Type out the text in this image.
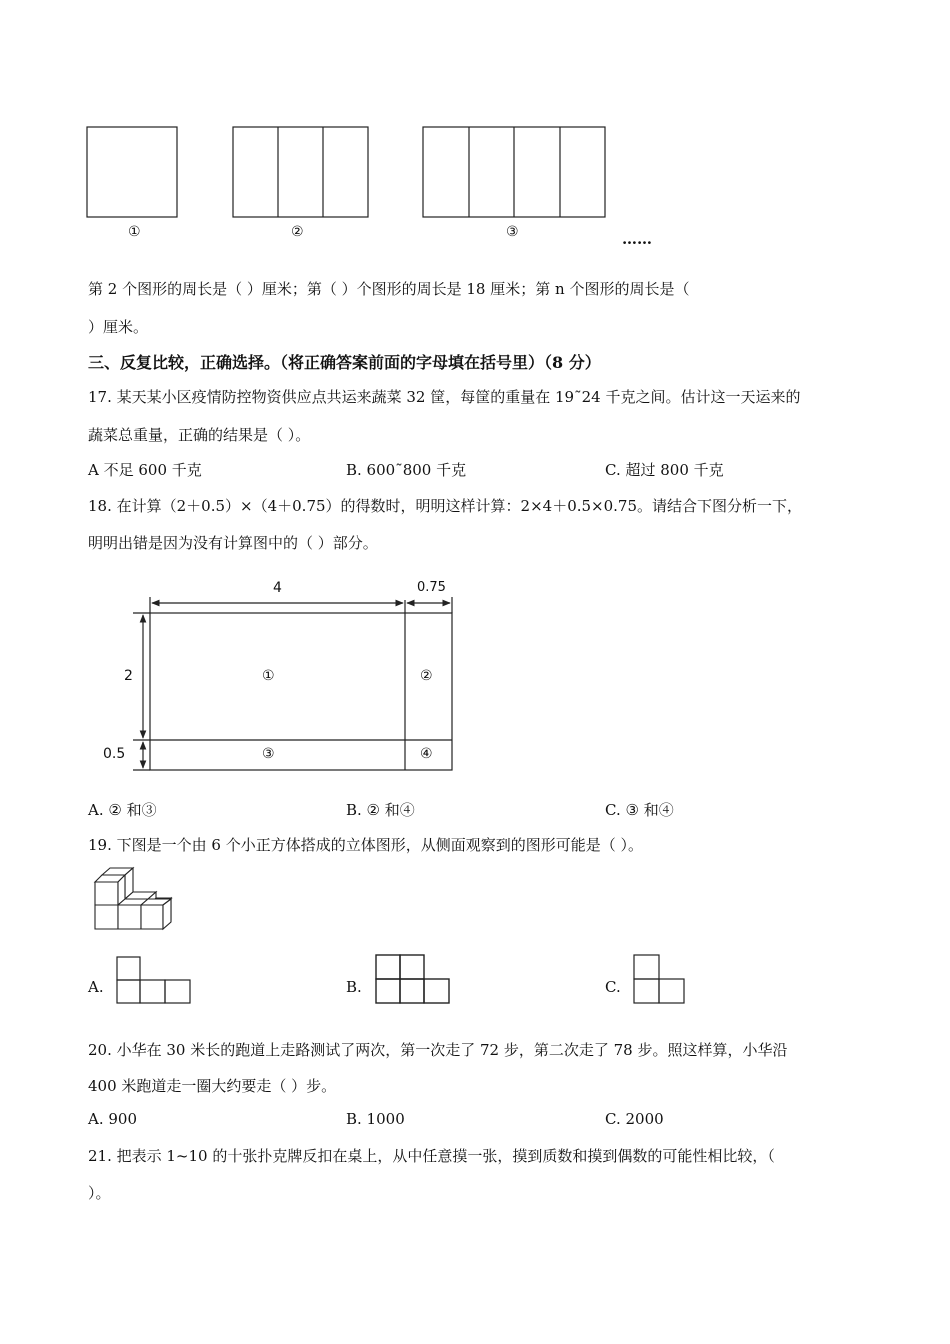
①	②	③	……
第 2 个图形的周长是（ ）厘米；第（ ）个图形的周长是 18 厘米；第 n 个图形的周长是（
）厘米。
三、反复比较，正确选择。（将正确答案前面的字母填在括号里）（8 分）
17. 某天某小区疫情防控物资供应点共运来蔬菜 32 筐，每筐的重量在 19˜24 千克之间。估计这一天运来的
蔬菜总重量，正确的结果是（ ）。
A 不足 600 千克	B. 600˜800 千克	C. 超过 800 千克
18. 在计算（2＋0.5）×（4＋0.75）的得数时，明明这样计算：2×4＋0.5×0.75。请结合下图分析一下，
明明出错是因为没有计算图中的（ ）部分。
4	0.75
2
0.5
①	②
③	④
A. ② 和③	B. ② 和④	C. ③ 和④
19. 下图是一个由 6 个小正方体搭成的立体图形，从侧面观察到的图形可能是（ ）。
A.	B.	C.
20. 小华在 30 米长的跑道上走路测试了两次，第一次走了 72 步，第二次走了 78 步。照这样算，小华沿
400 米跑道走一圈大约要走（ ）步。
A. 900	B. 1000	C. 2000
21. 把表示 1~10 的十张扑克牌反扣在桌上，从中任意摸一张，摸到质数和摸到偶数的可能性相比较，（
）。
